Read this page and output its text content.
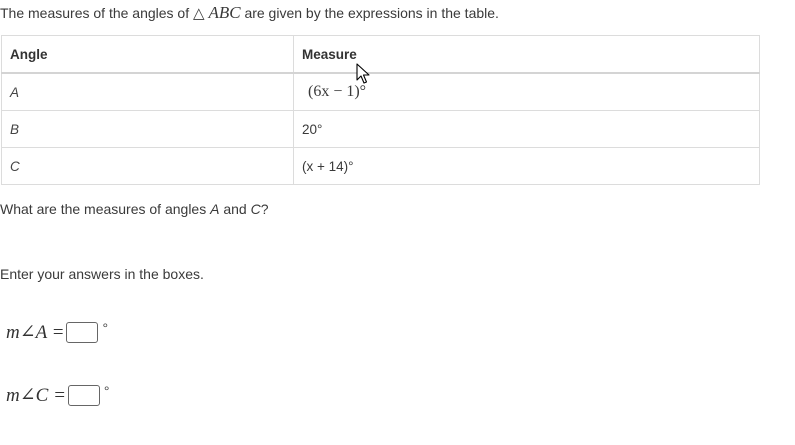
The measures of the angles of △ ABC are given by the expressions in the table.
Angle	Measure
A	(6x − 1)°
B	20°
C	(x + 14)°
What are the measures of angles A and C?
Enter your answers in the boxes.
m∠A =	°
m∠C =	°
